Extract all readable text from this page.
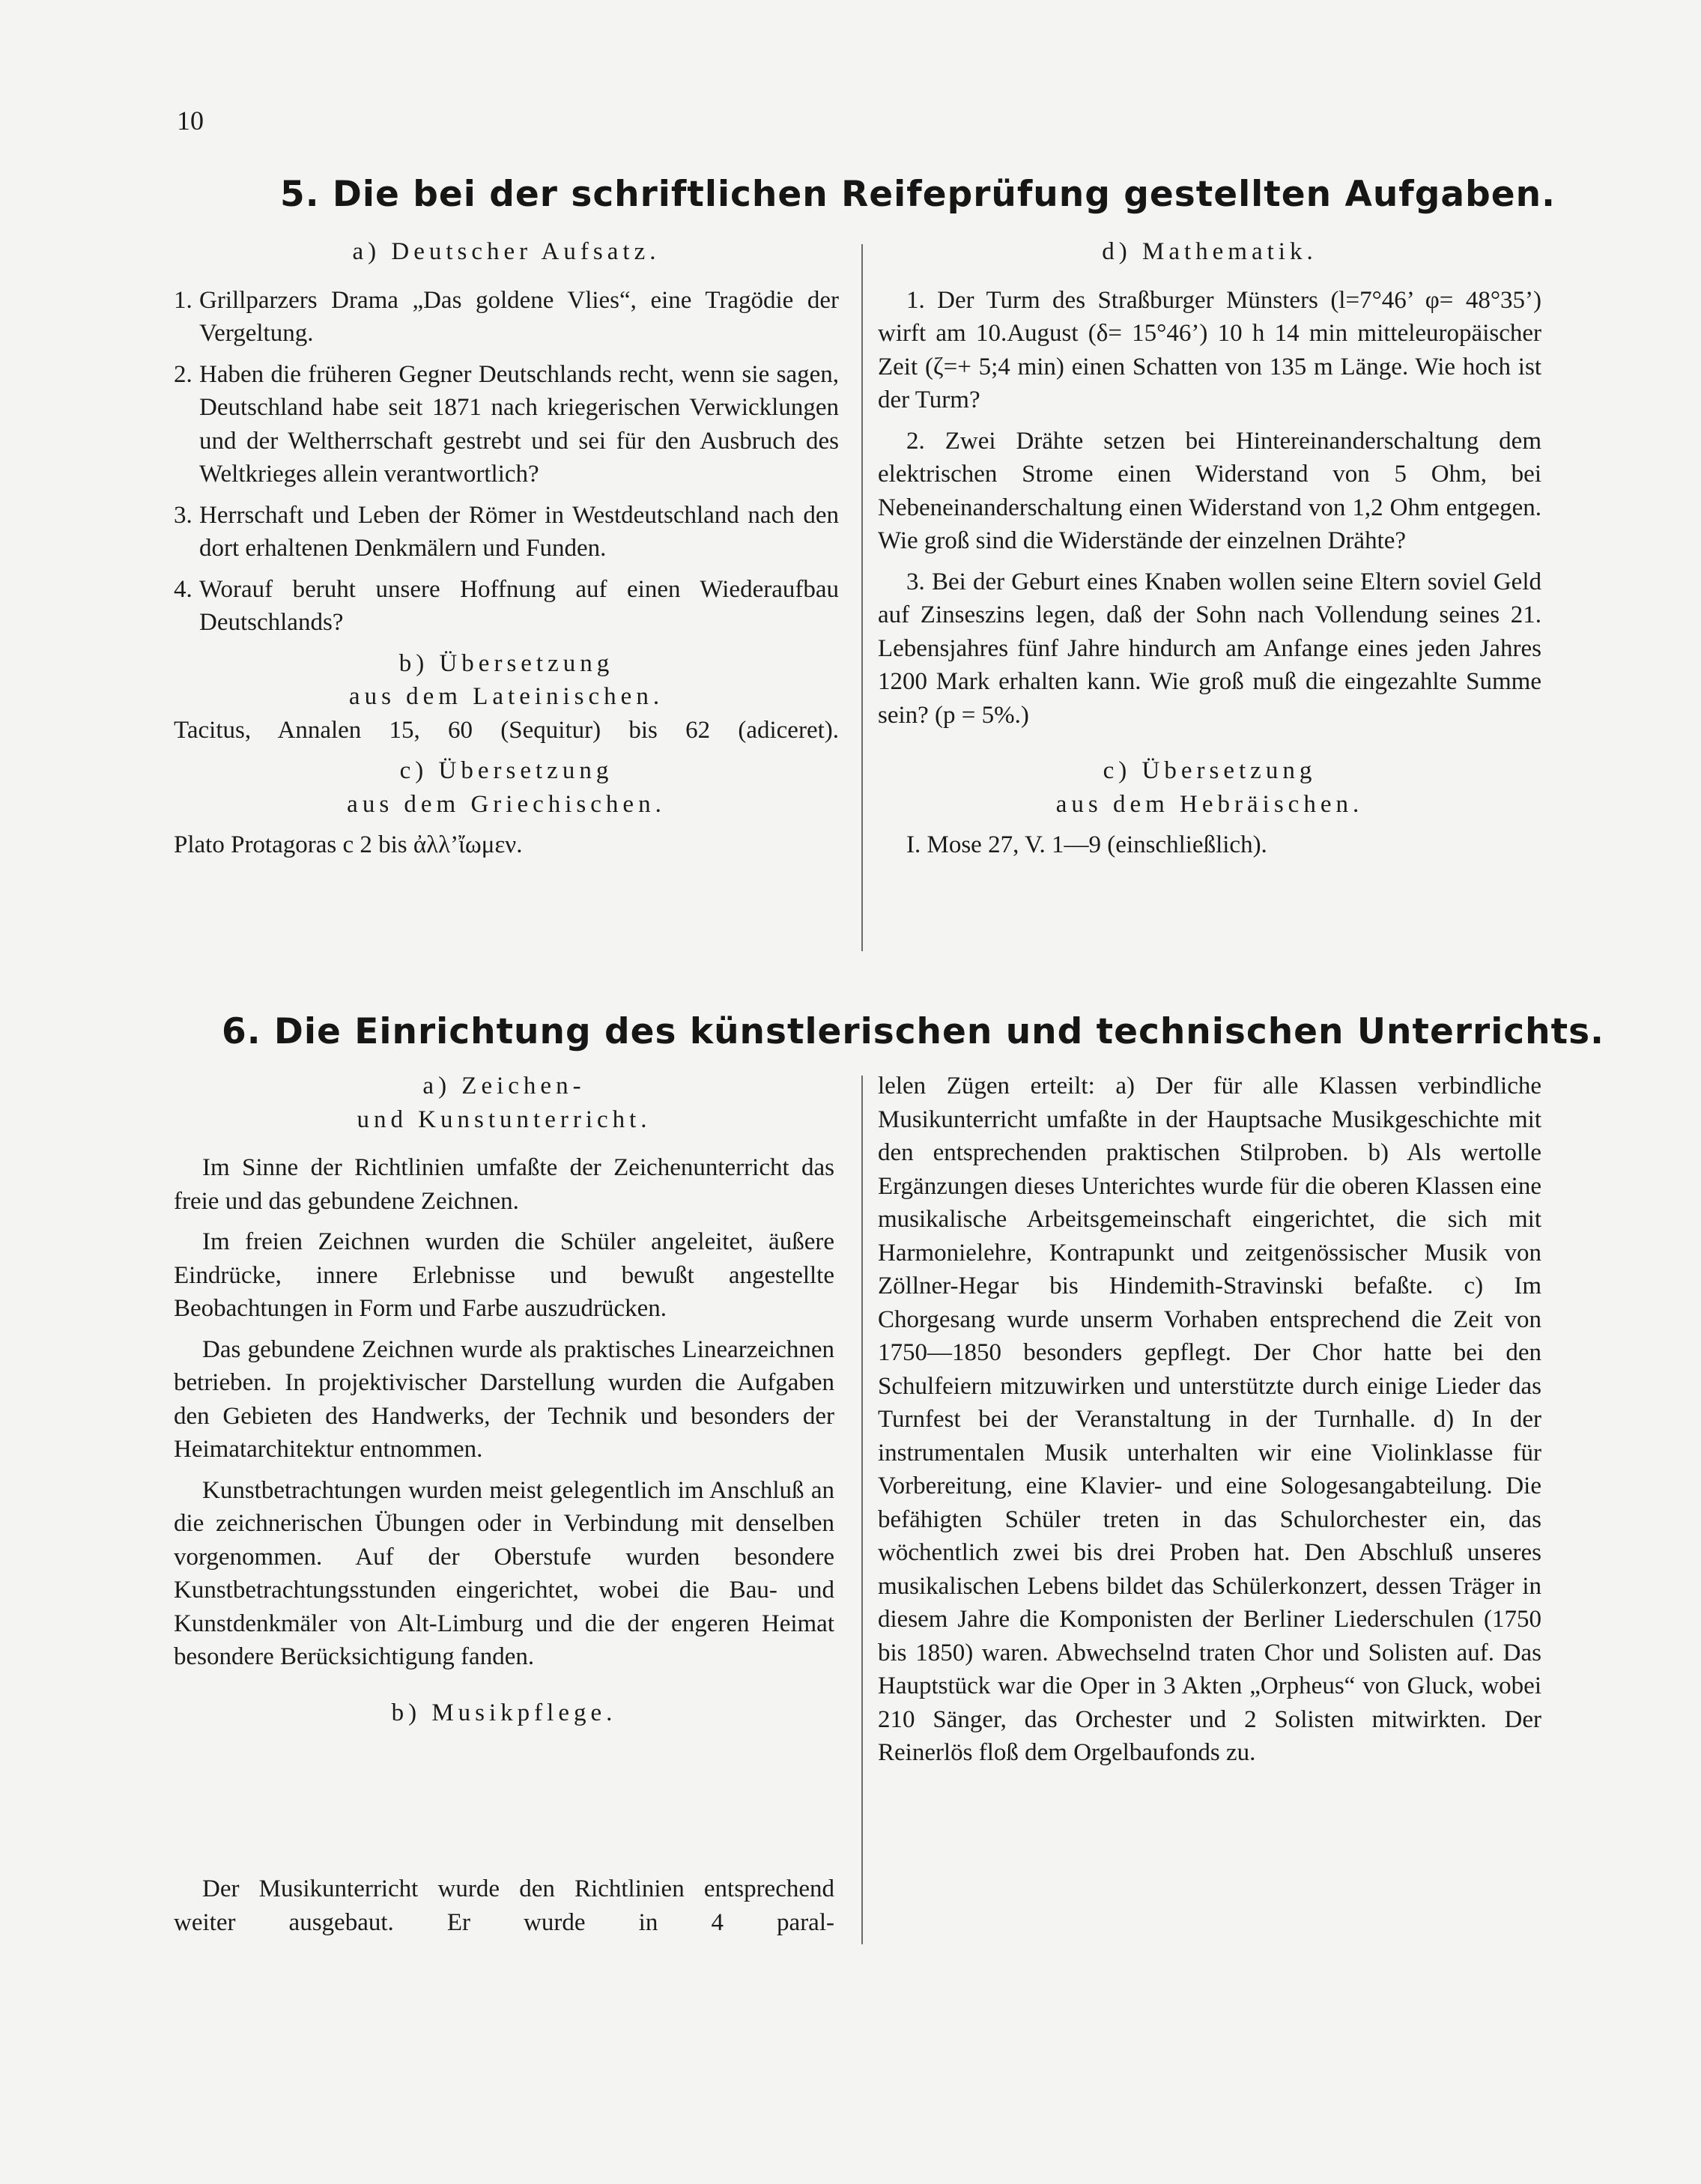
10
5. Die bei der schriftlichen Reifeprüfung gestellten Aufgaben.

a) Deutscher Aufsatz.

1. Grillparzers Drama „Das goldene Vlies“, eine Tragödie der Vergeltung.
2. Haben die früheren Gegner Deutschlands recht, wenn sie sagen, Deutschland habe seit 1871 nach kriegerischen Verwicklungen und der Weltherrschaft gestrebt und sei für den Ausbruch des Weltkrieges allein verantwortlich?
3. Herrschaft und Leben der Römer in Westdeutschland nach den dort erhaltenen Denkmälern und Funden.
4. Worauf beruht unsere Hoffnung auf einen Wiederaufbau Deutschlands?

b) Übersetzung

aus dem Lateinischen.

Tacitus, Annalen 15, 60 (Sequitur) bis 62 (adiceret).

c) Übersetzung

aus dem Griechischen.

Plato Protagoras c 2 bis ἀλλ’ἴωμεν.

d) Mathematik.

1. Der Turm des Straßburger Münsters (l=7°46’ φ= 48°35’) wirft am 10.August (δ= 15°46’) 10 h 14 min mitteleuropäischer Zeit (ζ=+ 5;4 min) einen Schatten von 135 m Länge. Wie hoch ist der Turm?

2. Zwei Drähte setzen bei Hintereinanderschaltung dem elektrischen Strome einen Widerstand von 5 Ohm, bei Nebeneinanderschaltung einen Widerstand von 1,2 Ohm entgegen. Wie groß sind die Widerstände der einzelnen Drähte?

3. Bei der Geburt eines Knaben wollen seine Eltern soviel Geld auf Zinseszins legen, daß der Sohn nach Vollendung seines 21. Lebensjahres fünf Jahre hindurch am Anfange eines jeden Jahres 1200 Mark erhalten kann. Wie groß muß die eingezahlte Summe sein? (p = 5%.)

c) Übersetzung

aus dem Hebräischen.

I. Mose 27, V. 1—9 (einschließlich).

6. Die Einrichtung des künstlerischen und technischen Unterrichts.

a) Zeichen-

und Kunstunterricht.

Im Sinne der Richtlinien umfaßte der Zeichenunterricht das freie und das gebundene Zeichnen.

Im freien Zeichnen wurden die Schüler angeleitet, äußere Eindrücke, innere Erlebnisse und bewußt angestellte Beobachtungen in Form und Farbe auszudrücken.

Das gebundene Zeichnen wurde als praktisches Linearzeichnen betrieben. In projektivischer Darstellung wurden die Aufgaben den Gebieten des Handwerks, der Technik und besonders der Heimatarchitektur entnommen.

Kunstbetrachtungen wurden meist gelegentlich im Anschluß an die zeichnerischen Übungen oder in Verbindung mit denselben vorgenommen. Auf der Oberstufe wurden besondere Kunstbetrachtungsstunden eingerichtet, wobei die Bau- und Kunstdenkmäler von Alt-Limburg und die der engeren Heimat besondere Berücksichtigung fanden.

b) Musikpflege.

Der Musikunterricht wurde den Richtlinien entsprechend weiter ausgebaut. Er wurde in 4 paral-

lelen Zügen erteilt: a) Der für alle Klassen verbindliche Musikunterricht umfaßte in der Hauptsache Musikgeschichte mit den entsprechenden praktischen Stilproben. b) Als wertolle Ergänzungen dieses Unterichtes wurde für die oberen Klassen eine musikalische Arbeitsgemeinschaft eingerichtet, die sich mit Harmonielehre, Kontrapunkt und zeitgenössischer Musik von Zöllner-Hegar bis Hindemith-Stravinski befaßte. c) Im Chorgesang wurde unserm Vorhaben entsprechend die Zeit von 1750—1850 besonders gepflegt. Der Chor hatte bei den Schulfeiern mitzuwirken und unterstützte durch einige Lieder das Turnfest bei der Veranstaltung in der Turnhalle. d) In der instrumentalen Musik unterhalten wir eine Violinklasse für Vorbereitung, eine Klavier- und eine Sologesangabteilung. Die befähigten Schüler treten in das Schulorchester ein, das wöchentlich zwei bis drei Proben hat. Den Abschluß unseres musikalischen Lebens bildet das Schülerkonzert, dessen Träger in diesem Jahre die Komponisten der Berliner Liederschulen (1750 bis 1850) waren. Abwechselnd traten Chor und Solisten auf. Das Hauptstück war die Oper in 3 Akten „Orpheus“ von Gluck, wobei 210 Sänger, das Orchester und 2 Solisten mitwirkten. Der Reinerlös floß dem Orgelbaufonds zu.
